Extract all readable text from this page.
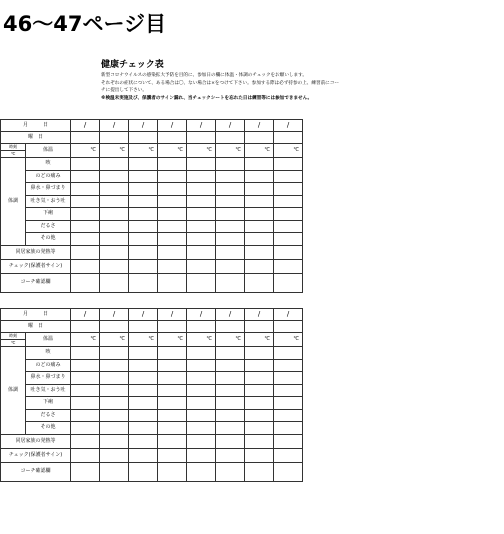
46～47ページ目
健康チェック表
新型コロナウイルスの感染拡大予防を目的に、参加日の欄に体温・体調のチェックをお願いします。
それぞれの症状について、ある場合は〇、ない場合は×をつけて下さい。参加する際は必ず持参の上、練習前にコー
チに提出して下さい。
※検温未実施及び、保護者のサイン漏れ、当チェックシートを忘れた日は練習等には参加できません。
月　　　 日		/	/	/	/	/	/	/	/
曜　日									
時刻	体温	℃	℃	℃	℃	℃	℃	℃	℃
℃									
体調	咳								
	のどの痛み								
	鼻水・鼻づまり								
	吐き気・おう吐								
	下痢								
	だるさ								
	その他								
同居家族の発熱等									
チェック(保護者サイン)									
コーチ確認欄									
月　　　 日		/	/	/	/	/	/	/	/
曜　日									
時刻	体温	℃	℃	℃	℃	℃	℃	℃	℃
℃									
体調	咳								
	のどの痛み								
	鼻水・鼻づまり								
	吐き気・おう吐								
	下痢								
	だるさ								
	その他								
同居家族の発熱等									
チェック(保護者サイン)									
コーチ確認欄									
